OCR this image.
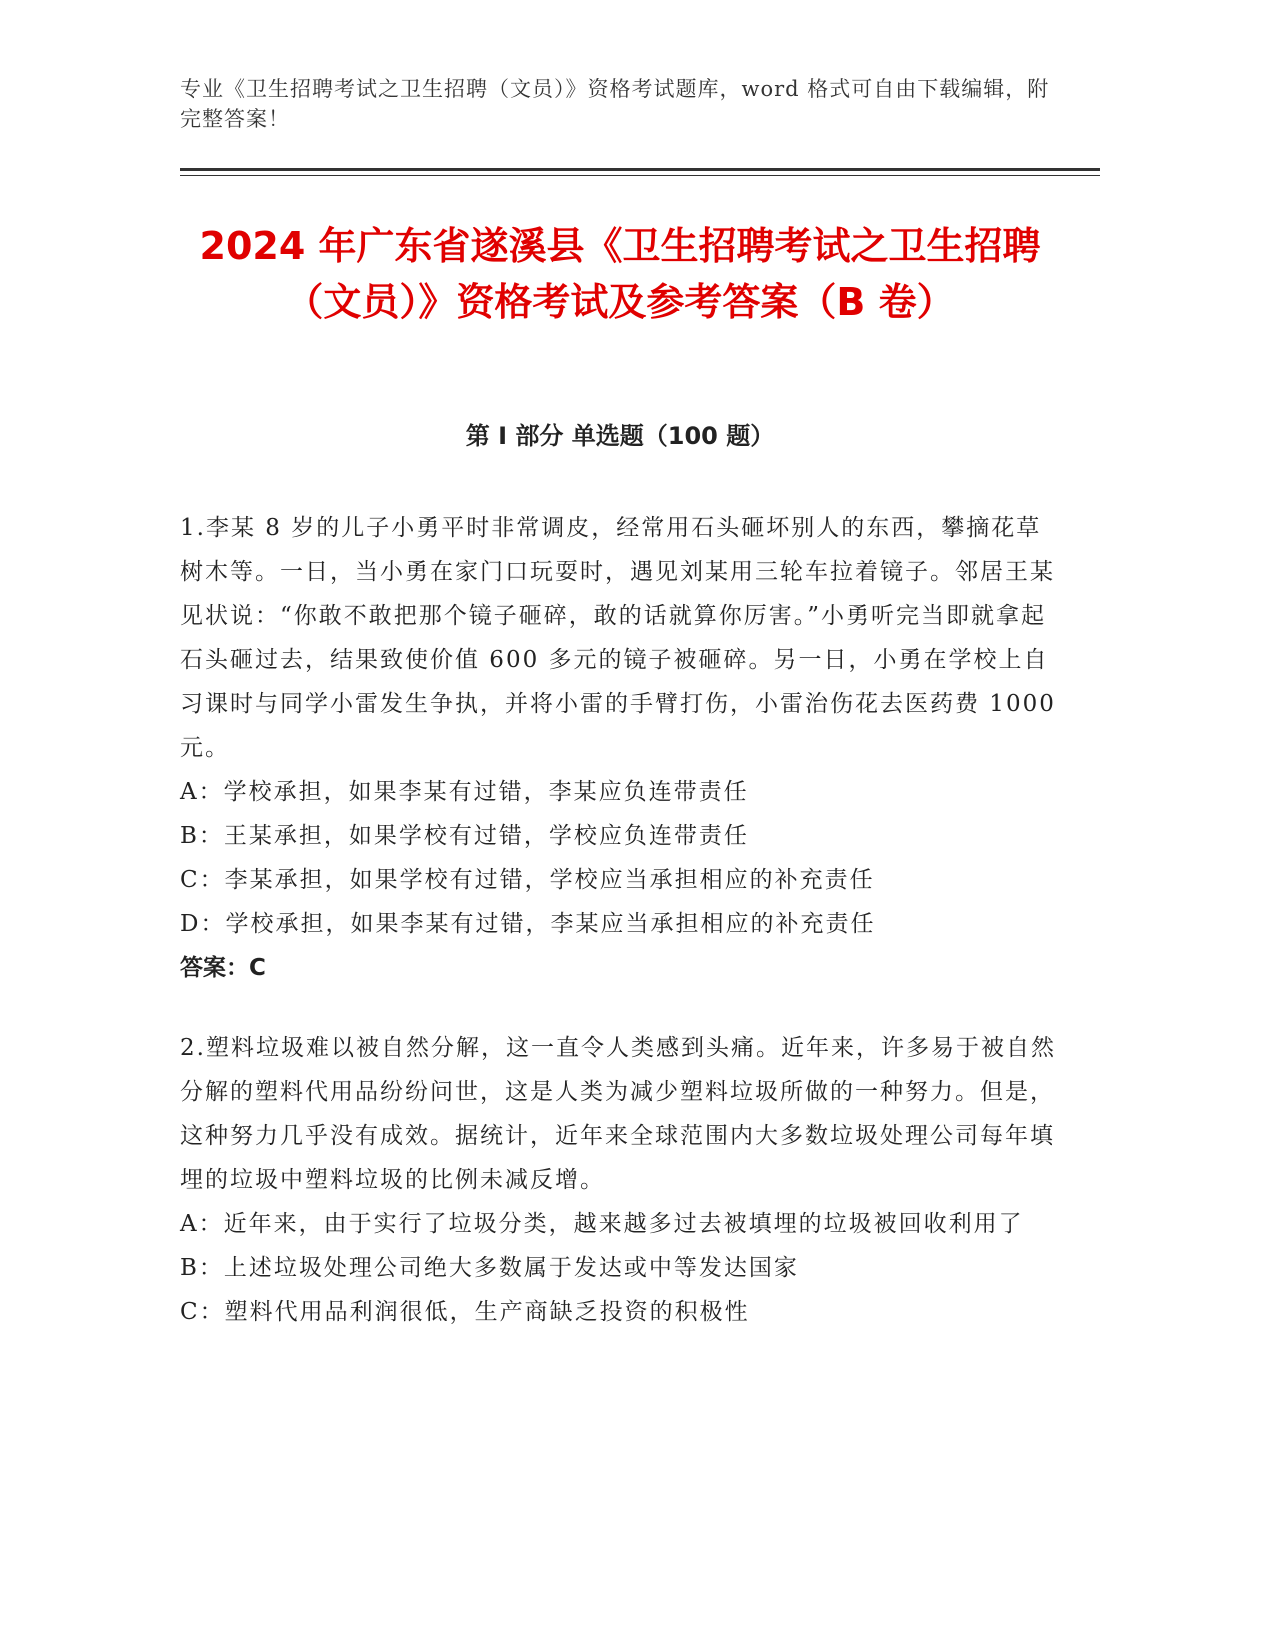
专业《卫生招聘考试之卫生招聘（文员）》资格考试题库，word 格式可自由下载编辑，附完整答案！
2024 年广东省遂溪县《卫生招聘考试之卫生招聘（文员）》资格考试及参考答案（B 卷）
第 I 部分 单选题（100 题）

1.李某 8 岁的儿子小勇平时非常调皮，经常用石头砸坏别人的东西，攀摘花草树木等。一日，当小勇在家门口玩耍时，遇见刘某用三轮车拉着镜子。邻居王某见状说：“你敢不敢把那个镜子砸碎，敢的话就算你厉害。”小勇听完当即就拿起石头砸过去，结果致使价值 600 多元的镜子被砸碎。另一日，小勇在学校上自习课时与同学小雷发生争执，并将小雷的手臂打伤，小雷治伤花去医药费 1000 元。

A：学校承担，如果李某有过错，李某应负连带责任

B：王某承担，如果学校有过错，学校应负连带责任

C：李某承担，如果学校有过错，学校应当承担相应的补充责任

D：学校承担，如果李某有过错，李某应当承担相应的补充责任

答案：C

2.塑料垃圾难以被自然分解，这一直令人类感到头痛。近年来，许多易于被自然分解的塑料代用品纷纷问世，这是人类为减少塑料垃圾所做的一种努力。但是，这种努力几乎没有成效。据统计，近年来全球范围内大多数垃圾处理公司每年填埋的垃圾中塑料垃圾的比例未减反增。

A：近年来，由于实行了垃圾分类，越来越多过去被填埋的垃圾被回收利用了

B：上述垃圾处理公司绝大多数属于发达或中等发达国家

C：塑料代用品利润很低，生产商缺乏投资的积极性
